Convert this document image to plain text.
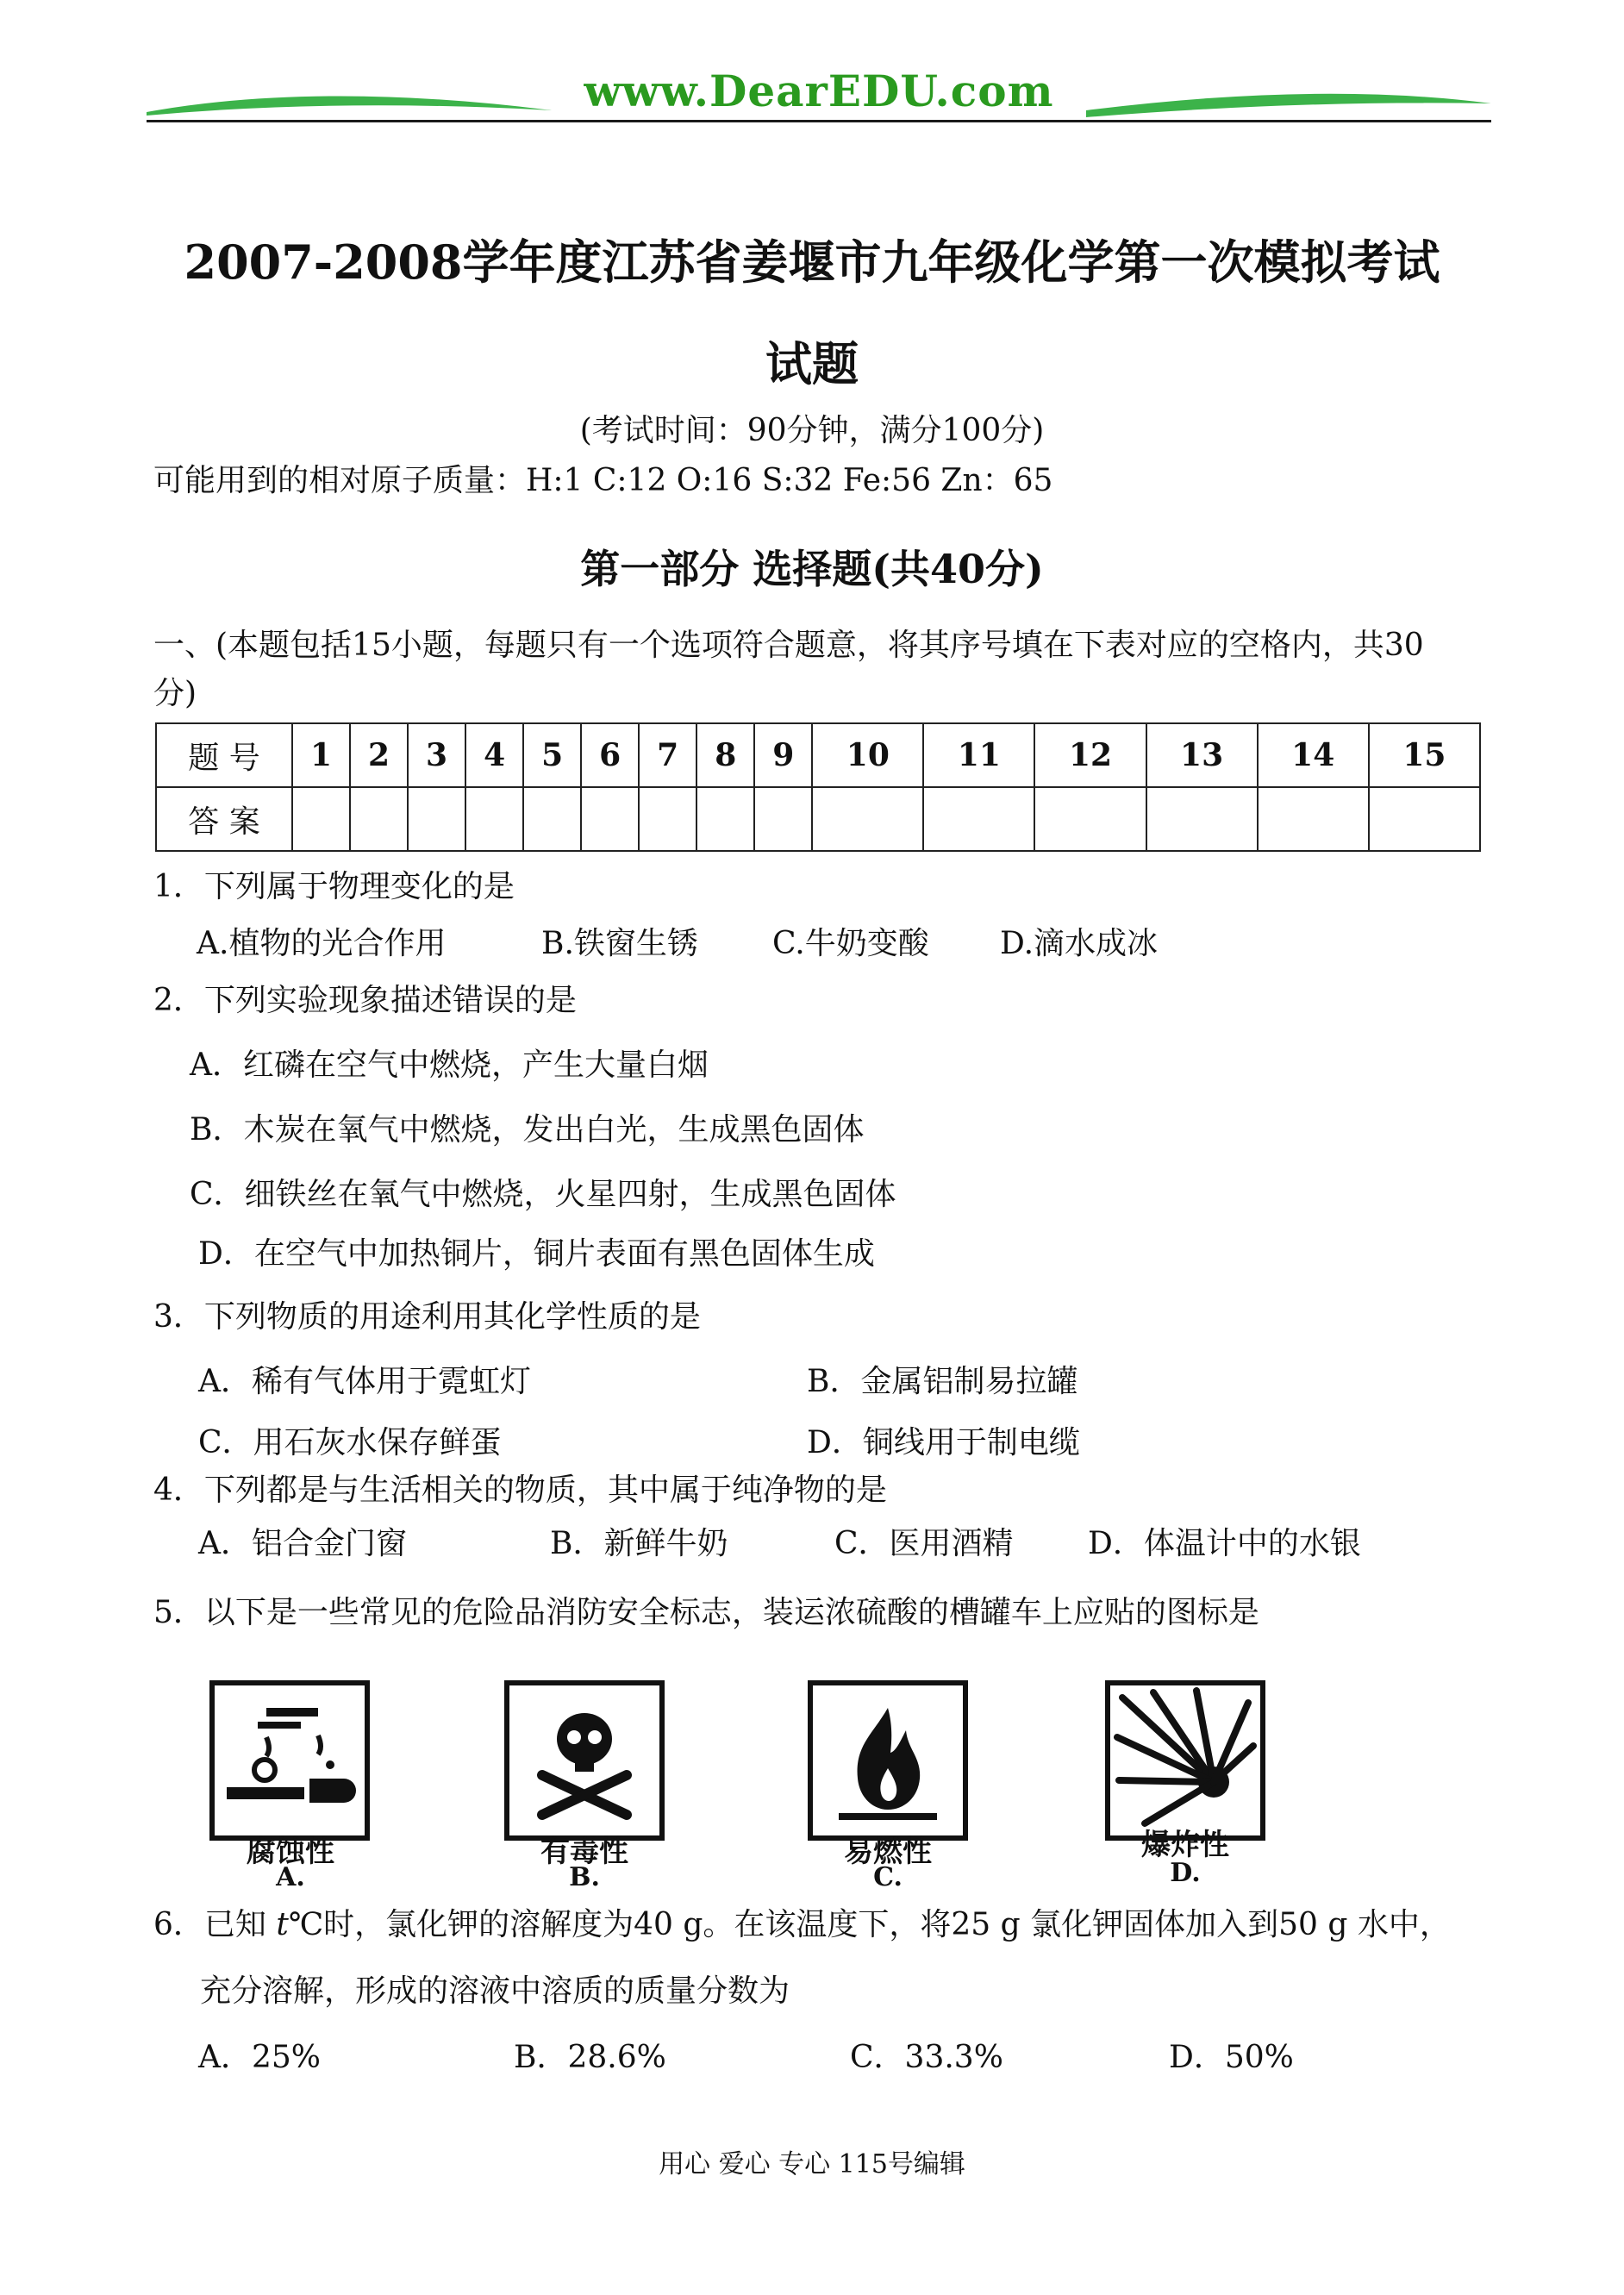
www.DearEDU.com
2007-2008学年度江苏省姜堰市九年级化学第一次模拟考试
试题
(考试时间：90分钟，满分100分)
可能用到的相对原子质量：H:1 C:12 O:16 S:32 Fe:56 Zn：65
第一部分 选择题(共40分)
一、(本题包括15小题，每题只有一个选项符合题意，将其序号填在下表对应的空格内，共30
分)
题 号	1	2	3	4	5	6	7	8	9	10	11	12	13	14	15
答 案															
1．下列属于物理变化的是
A.植物的光合作用	B.铁窗生锈 C.牛奶变酸 D.滴水成冰
2．下列实验现象描述错误的是
A．红磷在空气中燃烧，产生大量白烟
B．木炭在氧气中燃烧，发出白光，生成黑色固体
C．细铁丝在氧气中燃烧，火星四射，生成黑色固体
D．在空气中加热铜片，铜片表面有黑色固体生成
3．下列物质的用途利用其化学性质的是
A．稀有气体用于霓虹灯	B．金属铝制易拉罐
C．用石灰水保存鲜蛋	D．铜线用于制电缆
4．下列都是与生活相关的物质，其中属于纯净物的是
A．铝合金门窗	B．新鲜牛奶	C．医用酒精 D．体温计中的水银
5．以下是一些常见的危险品消防安全标志，装运浓硫酸的槽罐车上应贴的图标是
腐蚀性
A.
有毒性
B.
易燃性
C.
爆炸性
D.
6．已知 t℃时，氯化钾的溶解度为40 g。在该温度下，将25 g 氯化钾固体加入到50 g 水中，
充分溶解，形成的溶液中溶质的质量分数为
A．25%	B．28.6%	C．33.3%	D．50%
用心 爱心 专心 115号编辑
